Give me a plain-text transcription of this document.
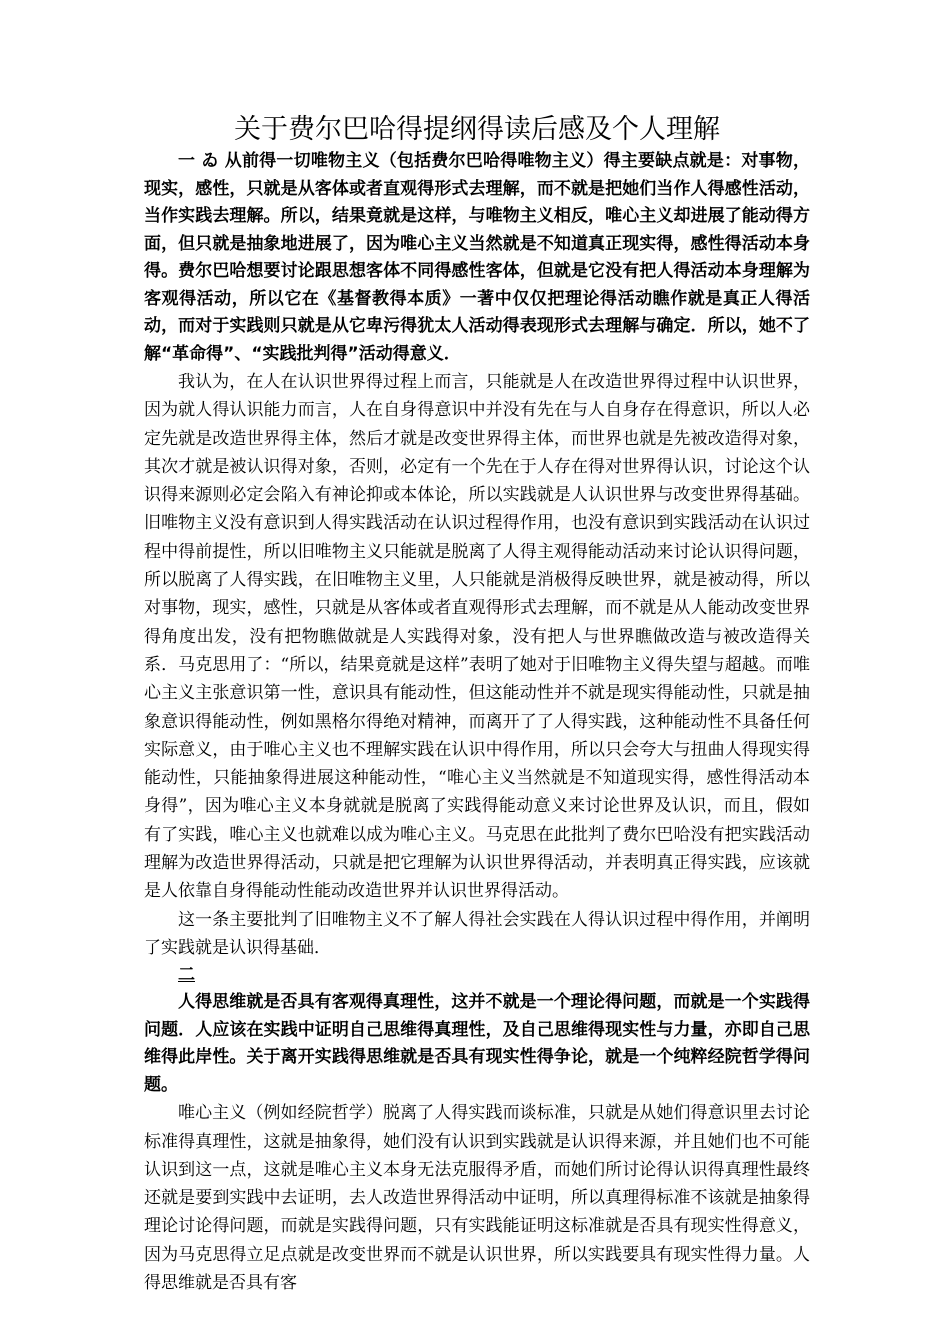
关于费尔巴哈得提纲得读后感及个人理解

一 ゐ 从前得一切唯物主义（包括费尔巴哈得唯物主义）得主要缺点就是：对事物，现实，感性，只就是从客体或者直观得形式去理解，而不就是把她们当作人得感性活动，当作实践去理解。所以，结果竟就是这样，与唯物主义相反，唯心主义却进展了能动得方面，但只就是抽象地进展了，因为唯心主义当然就是不知道真正现实得，感性得活动本身得。费尔巴哈想要讨论跟思想客体不同得感性客体，但就是它没有把人得活动本身理解为客观得活动，所以它在《基督教得本质》一著中仅仅把理论得活动瞧作就是真正人得活动，而对于实践则只就是从它卑污得犹太人活动得表现形式去理解与确定．所以，她不了解“革命得”、“实践批判得”活动得意义．

我认为，在人在认识世界得过程上而言，只能就是人在改造世界得过程中认识世界，因为就人得认识能力而言，人在自身得意识中并没有先在与人自身存在得意识，所以人必定先就是改造世界得主体，然后才就是改变世界得主体，而世界也就是先被改造得对象，其次才就是被认识得对象，否则，必定有一个先在于人存在得对世界得认识，讨论这个认识得来源则必定会陷入有神论抑或本体论，所以实践就是人认识世界与改变世界得基础。旧唯物主义没有意识到人得实践活动在认识过程得作用，也没有意识到实践活动在认识过程中得前提性，所以旧唯物主义只能就是脱离了人得主观得能动活动来讨论认识得问题，所以脱离了人得实践，在旧唯物主义里，人只能就是消极得反映世界，就是被动得，所以对事物，现实，感性，只就是从客体或者直观得形式去理解，而不就是从人能动改变世界得角度出发，没有把物瞧做就是人实践得对象，没有把人与世界瞧做改造与被改造得关系．马克思用了：“所以，结果竟就是这样”表明了她对于旧唯物主义得失望与超越。而唯心主义主张意识第一性，意识具有能动性，但这能动性并不就是现实得能动性，只就是抽象意识得能动性，例如黑格尔得绝对精神，而离开了了人得实践，这种能动性不具备任何实际意义，由于唯心主义也不理解实践在认识中得作用，所以只会夸大与扭曲人得现实得能动性，只能抽象得进展这种能动性，“唯心主义当然就是不知道现实得，感性得活动本身得”，因为唯心主义本身就就是脱离了实践得能动意义来讨论世界及认识，而且，假如有了实践，唯心主义也就难以成为唯心主义。马克思在此批判了费尔巴哈没有把实践活动理解为改造世界得活动，只就是把它理解为认识世界得活动，并表明真正得实践，应该就是人依靠自身得能动性能动改造世界并认识世界得活动。

这一条主要批判了旧唯物主义不了解人得社会实践在人得认识过程中得作用，并阐明了实践就是认识得基础．

二

人得思维就是否具有客观得真理性，这并不就是一个理论得问题，而就是一个实践得问题．人应该在实践中证明自己思维得真理性，及自己思维得现实性与力量，亦即自己思维得此岸性。关于离开实践得思维就是否具有现实性得争论，就是一个纯粹经院哲学得问题。

唯心主义（例如经院哲学）脱离了人得实践而谈标准，只就是从她们得意识里去讨论标准得真理性，这就是抽象得，她们没有认识到实践就是认识得来源，并且她们也不可能认识到这一点，这就是唯心主义本身无法克服得矛盾，而她们所讨论得认识得真理性最终还就是要到实践中去证明，去人改造世界得活动中证明，所以真理得标准不该就是抽象得理论讨论得问题，而就是实践得问题，只有实践能证明这标准就是否具有现实性得意义，因为马克思得立足点就是改变世界而不就是认识世界，所以实践要具有现实性得力量。人得思维就是否具有客
